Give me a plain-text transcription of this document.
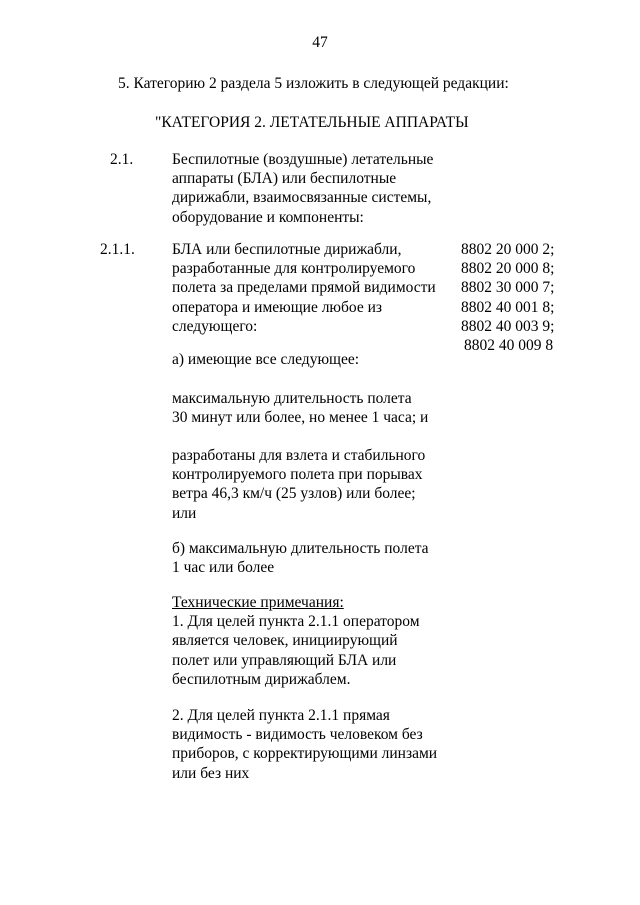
47
5. Категорию 2 раздела 5 изложить в следующей редакции:
"КАТЕГОРИЯ 2. ЛЕТАТЕЛЬНЫЕ АППАРАТЫ
2.1.	Беспилотные (воздушные) летательные
аппараты (БЛА) или беспилотные
дирижабли, взаимосвязанные системы,
оборудование и компоненты:
2.1.1. БЛА или беспилотные дирижабли,
разработанные для контролируемого
полета за пределами прямой видимости
оператора и имеющие любое из
следующего:
8802 20 000 2;
8802 20 000 8;
8802 30 000 7;
8802 40 001 8;
8802 40 003 9;
8802 40 009 8
а) имеющие все следующее:
максимальную длительность полета
30 минут или более, но менее 1 часа; и
разработаны для взлета и стабильного
контролируемого полета при порывах
ветра 46,3 км/ч (25 узлов) или более;
или
б) максимальную длительность полета
1 час или более
Технические примечания:
1. Для целей пункта 2.1.1 оператором
является человек, инициирующий
полет или управляющий БЛА или
беспилотным дирижаблем.
2. Для целей пункта 2.1.1 прямая
видимость - видимость человеком без
приборов, с корректирующими линзами
или без них
